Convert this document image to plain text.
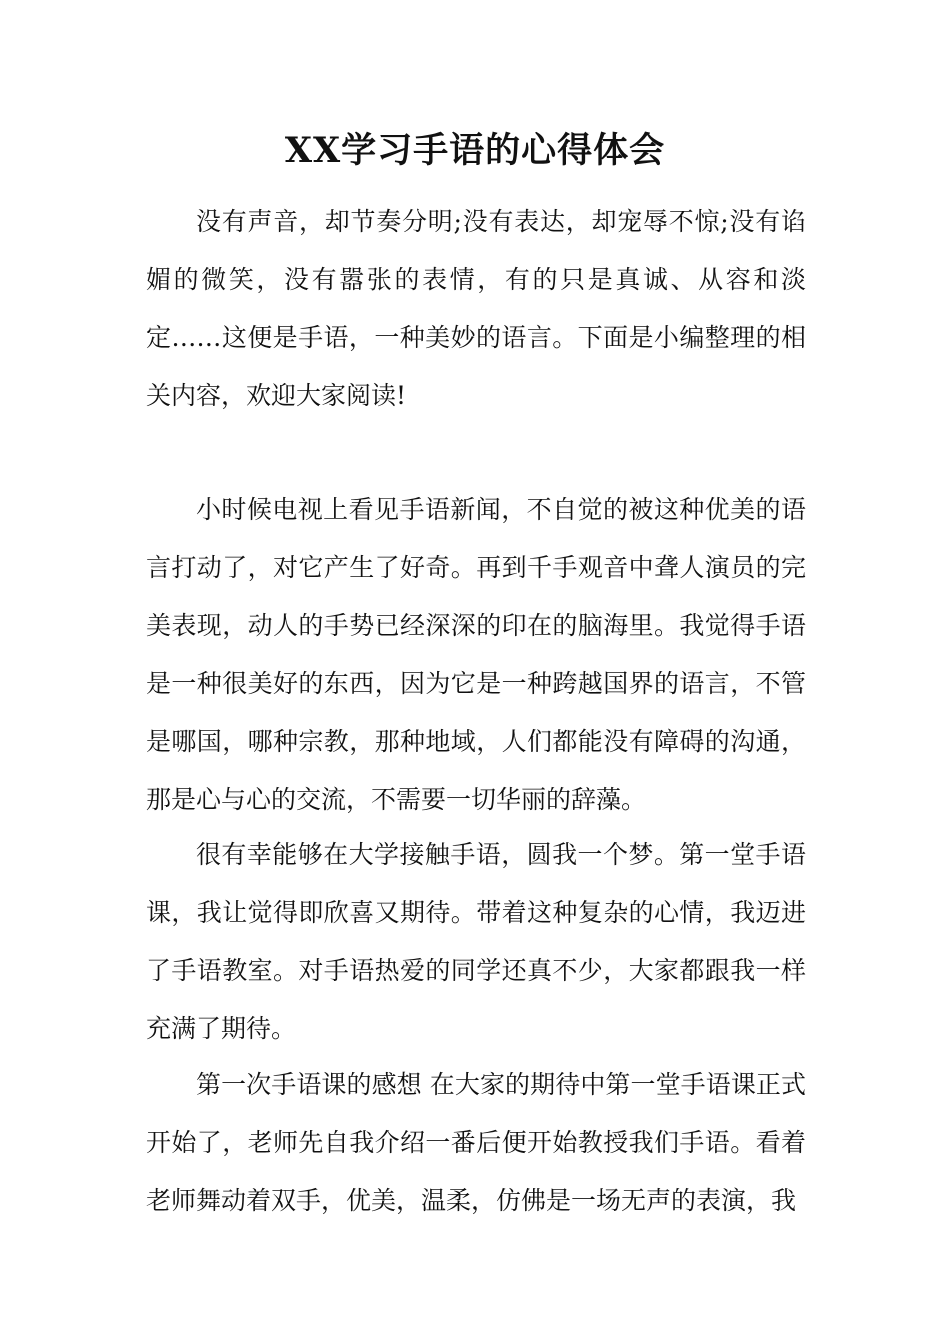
XX学习手语的心得体会

没有声音，却节奏分明;没有表达，却宠辱不惊;没有谄媚的微笑，没有嚣张的表情，有的只是真诚、从容和淡定……这便是手语，一种美妙的语言。下面是小编整理的相关内容，欢迎大家阅读!

小时候电视上看见手语新闻，不自觉的被这种优美的语言打动了，对它产生了好奇。再到千手观音中聋人演员的完美表现，动人的手势已经深深的印在的脑海里。我觉得手语是一种很美好的东西，因为它是一种跨越国界的语言，不管是哪国，哪种宗教，那种地域，人们都能没有障碍的沟通，那是心与心的交流，不需要一切华丽的辞藻。

很有幸能够在大学接触手语，圆我一个梦。第一堂手语课，我让觉得即欣喜又期待。带着这种复杂的心情，我迈进了手语教室。对手语热爱的同学还真不少，大家都跟我一样充满了期待。

第一次手语课的感想 在大家的期待中第一堂手语课正式开始了，老师先自我介绍一番后便开始教授我们手语。看着老师舞动着双手，优美，温柔，仿佛是一场无声的表演，我
